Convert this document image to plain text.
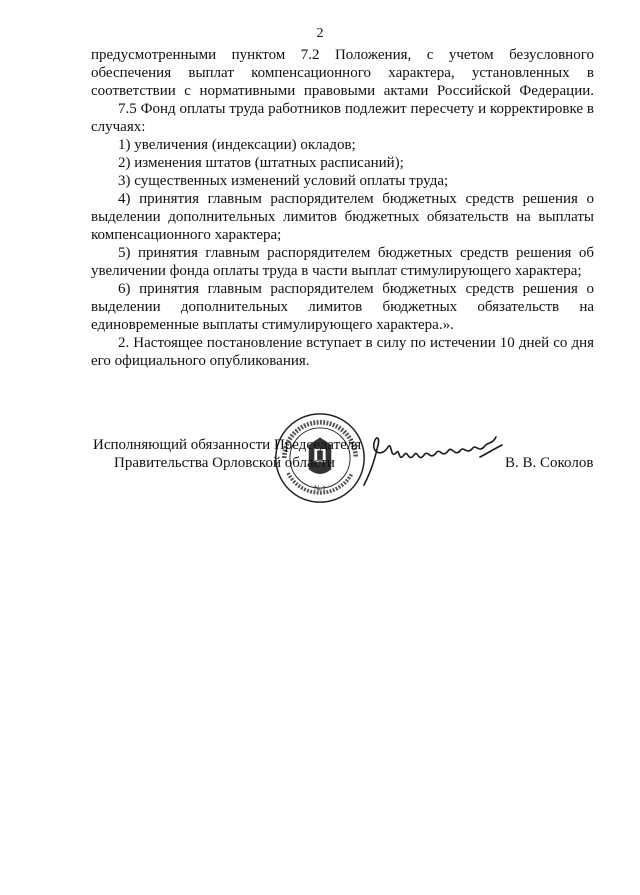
2

предусмотренными пунктом 7.2 Положения, с учетом безусловного обеспечения выплат компенсационного характера, установленных в соответствии с нормативными правовыми актами Российской Федерации.

7.5 Фонд оплаты труда работников подлежит пересчету и корректировке в случаях:

1) увеличения (индексации) окладов;

2) изменения штатов (штатных расписаний);

3) существенных изменений условий оплаты труда;

4) принятия главным распорядителем бюджетных средств решения о выделении дополнительных лимитов бюджетных обязательств на выплаты компенсационного характера;

5) принятия главным распорядителем бюджетных средств решения об увеличении фонда оплаты труда в части выплат стимулирующего характера;

6) принятия главным распорядителем бюджетных средств решения о выделении дополнительных лимитов бюджетных обязательств на единовременные выплаты стимулирующего характера.».

2. Настоящее постановление вступает в силу по истечении 10 дней со дня его официального опубликования.

№1
Исполняющий обязанности Председателя
Правительства Орловской области	В. В. Соколов
